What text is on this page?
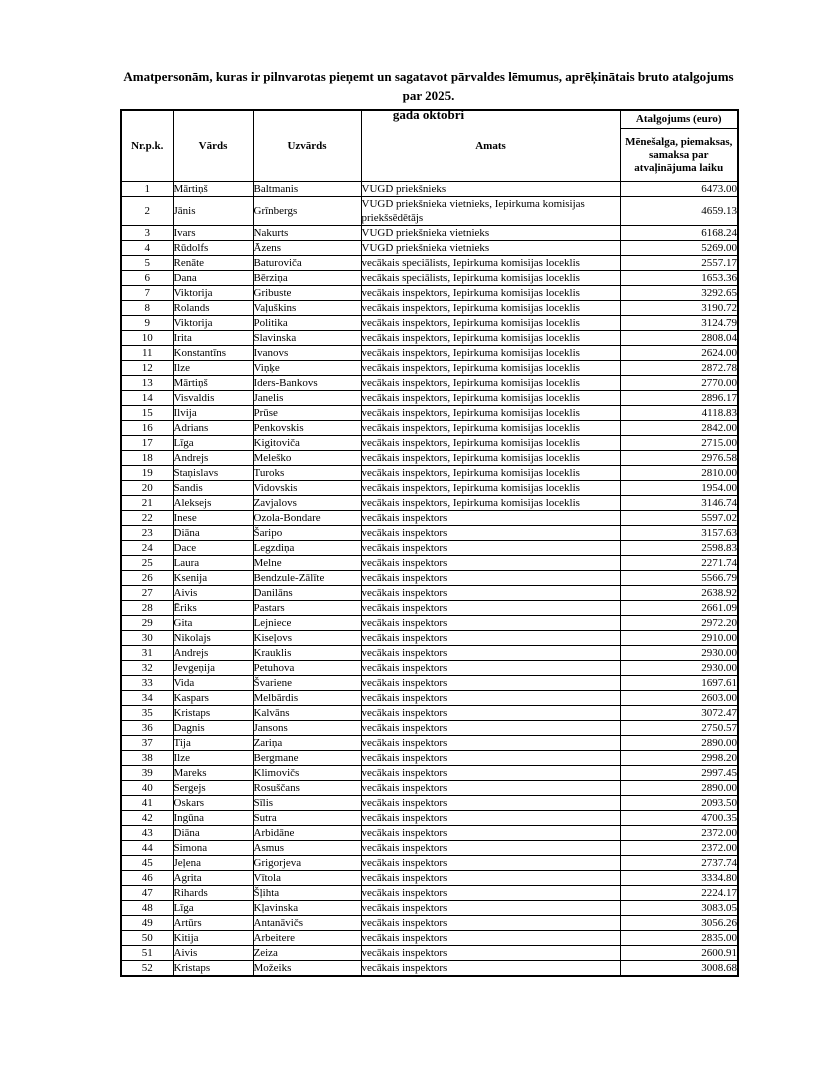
Amatpersonām, kuras ir pilnvarotas pieņemt un sagatavot pārvaldes lēmumus, aprēķinātais bruto atalgojums par 2025.
gada oktobri
Nr.p.k.	Vārds	Uzvārds	Amats	Atalgojums (euro)
				Mēnešalga, piemaksas, samaksa par atvaļinājuma laiku
1	Mārtiņš	Baltmanis	VUGD priekšnieks	6473.00
2	Jānis	Grīnbergs	VUGD priekšnieka vietnieks, Iepirkuma komisijas priekšsēdētājs	4659.13
3	Ivars	Nakurts	VUGD priekšnieka vietnieks	6168.24
4	Rūdolfs	Āzens	VUGD priekšnieka vietnieks	5269.00
5	Renāte	Baturoviča	vecākais speciālists, Iepirkuma komisijas loceklis	2557.17
6	Dana	Bērziņa	vecākais speciālists, Iepirkuma komisijas loceklis	1653.36
7	Viktorija	Gribuste	vecākais inspektors, Iepirkuma komisijas loceklis	3292.65
8	Rolands	Vaļuškins	vecākais inspektors, Iepirkuma komisijas loceklis	3190.72
9	Viktorija	Politika	vecākais inspektors, Iepirkuma komisijas loceklis	3124.79
10	Irita	Slavinska	vecākais inspektors, Iepirkuma komisijas loceklis	2808.04
11	Konstantīns	Ivanovs	vecākais inspektors, Iepirkuma komisijas loceklis	2624.00
12	Ilze	Viņķe	vecākais inspektors, Iepirkuma komisijas loceklis	2872.78
13	Mārtiņš	Iders-Bankovs	vecākais inspektors, Iepirkuma komisijas loceklis	2770.00
14	Visvaldis	Janelis	vecākais inspektors, Iepirkuma komisijas loceklis	2896.17
15	Ilvija	Prūse	vecākais inspektors, Iepirkuma komisijas loceklis	4118.83
16	Adrians	Penkovskis	vecākais inspektors, Iepirkuma komisijas loceklis	2842.00
17	Līga	Kigitoviča	vecākais inspektors, Iepirkuma komisijas loceklis	2715.00
18	Andrejs	Meleško	vecākais inspektors, Iepirkuma komisijas loceklis	2976.58
19	Staņislavs	Turoks	vecākais inspektors, Iepirkuma komisijas loceklis	2810.00
20	Sandis	Vidovskis	vecākais inspektors, Iepirkuma komisijas loceklis	1954.00
21	Aleksejs	Zavjalovs	vecākais inspektors, Iepirkuma komisijas loceklis	3146.74
22	Inese	Ozola-Bondare	vecākais inspektors	5597.02
23	Diāna	Šaripo	vecākais inspektors	3157.63
24	Dace	Legzdiņa	vecākais inspektors	2598.83
25	Laura	Melne	vecākais inspektors	2271.74
26	Ksenija	Bendzule-Zālīte	vecākais inspektors	5566.79
27	Aivis	Danilāns	vecākais inspektors	2638.92
28	Ēriks	Pastars	vecākais inspektors	2661.09
29	Gita	Lejniece	vecākais inspektors	2972.20
30	Nikolajs	Kiseļovs	vecākais inspektors	2910.00
31	Andrejs	Krauklis	vecākais inspektors	2930.00
32	Jevgeņija	Petuhova	vecākais inspektors	2930.00
33	Vida	Švariene	vecākais inspektors	1697.61
34	Kaspars	Melbārdis	vecākais inspektors	2603.00
35	Kristaps	Kalvāns	vecākais inspektors	3072.47
36	Dagnis	Jansons	vecākais inspektors	2750.57
37	Tija	Zariņa	vecākais inspektors	2890.00
38	Ilze	Bergmane	vecākais inspektors	2998.20
39	Mareks	Klimovičs	vecākais inspektors	2997.45
40	Sergejs	Rosuščans	vecākais inspektors	2890.00
41	Oskars	Sīlis	vecākais inspektors	2093.50
42	Ingūna	Sutra	vecākais inspektors	4700.35
43	Diāna	Arbidāne	vecākais inspektors	2372.00
44	Simona	Asmus	vecākais inspektors	2372.00
45	Jeļena	Grigorjeva	vecākais inspektors	2737.74
46	Agrita	Vītola	vecākais inspektors	3334.80
47	Rihards	Šļihta	vecākais inspektors	2224.17
48	Līga	Kļavinska	vecākais inspektors	3083.05
49	Artūrs	Antanāvičs	vecākais inspektors	3056.26
50	Kitija	Arbeitere	vecākais inspektors	2835.00
51	Aivis	Zeiza	vecākais inspektors	2600.91
52	Kristaps	Možeiks	vecākais inspektors	3008.68
